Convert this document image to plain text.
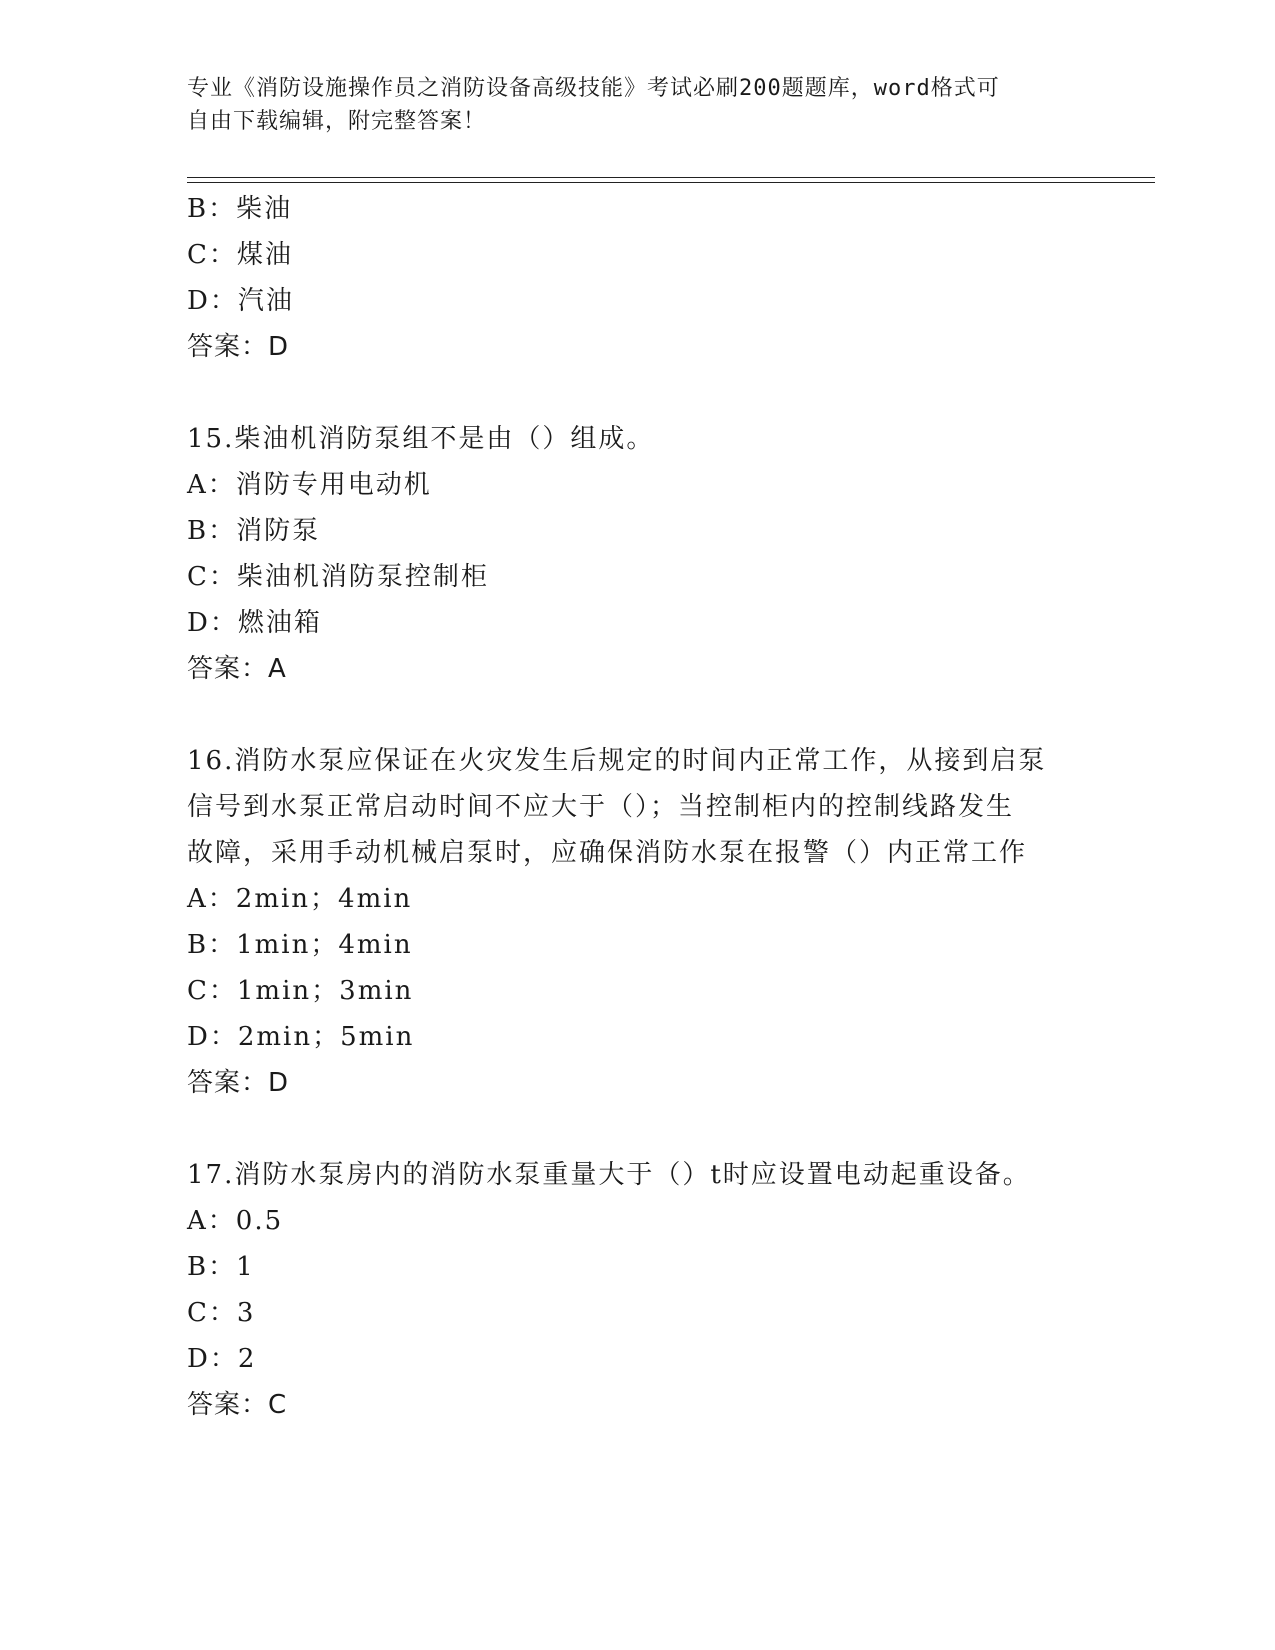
专业《消防设施操作员之消防设备高级技能》考试必刷200题题库，word格式可
自由下载编辑，附完整答案！
B：柴油
C：煤油
D：汽油
答案：D
15.柴油机消防泵组不是由（）组成。
A：消防专用电动机
B：消防泵
C：柴油机消防泵控制柜
D：燃油箱
答案：A
16.消防水泵应保证在火灾发生后规定的时间内正常工作，从接到启泵
信号到水泵正常启动时间不应大于（）；当控制柜内的控制线路发生
故障，采用手动机械启泵时，应确保消防水泵在报警（）内正常工作
A：2min；4min
B：1min；4min
C：1min；3min
D：2min；5min
答案：D
17.消防水泵房内的消防水泵重量大于（）t时应设置电动起重设备。
A：0.5
B：1
C：3
D：2
答案：C
